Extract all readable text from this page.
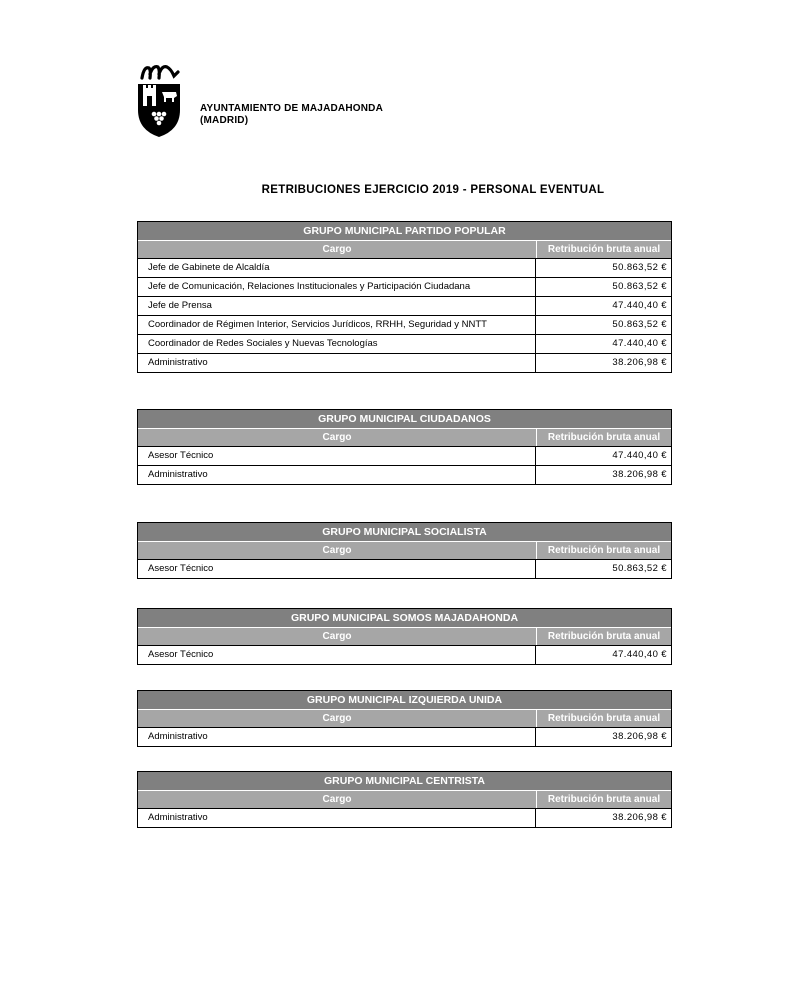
AYUNTAMIENTO DE MAJADAHONDA
(MADRID)
RETRIBUCIONES EJERCICIO 2019 - PERSONAL EVENTUAL
GRUPO MUNICIPAL PARTIDO POPULAR
Cargo	Retribución bruta anual
Jefe de Gabinete de Alcaldía	50.863,52 €
Jefe de Comunicación, Relaciones Institucionales y Participación Ciudadana	50.863,52 €
Jefe de Prensa	47.440,40 €
Coordinador de Régimen Interior, Servicios Jurídicos, RRHH, Seguridad y NNTT	50.863,52 €
Coordinador de Redes Sociales y Nuevas Tecnologías	47.440,40 €
Administrativo	38.206,98 €
GRUPO MUNICIPAL CIUDADANOS
Cargo	Retribución bruta anual
Asesor Técnico	47.440,40 €
Administrativo	38.206,98 €
GRUPO MUNICIPAL SOCIALISTA
Cargo	Retribución bruta anual
Asesor Técnico	50.863,52 €
GRUPO MUNICIPAL SOMOS MAJADAHONDA
Cargo	Retribución bruta anual
Asesor Técnico	47.440,40 €
GRUPO MUNICIPAL IZQUIERDA UNIDA
Cargo	Retribución bruta anual
Administrativo	38.206,98 €
GRUPO MUNICIPAL CENTRISTA
Cargo	Retribución bruta anual
Administrativo	38.206,98 €
